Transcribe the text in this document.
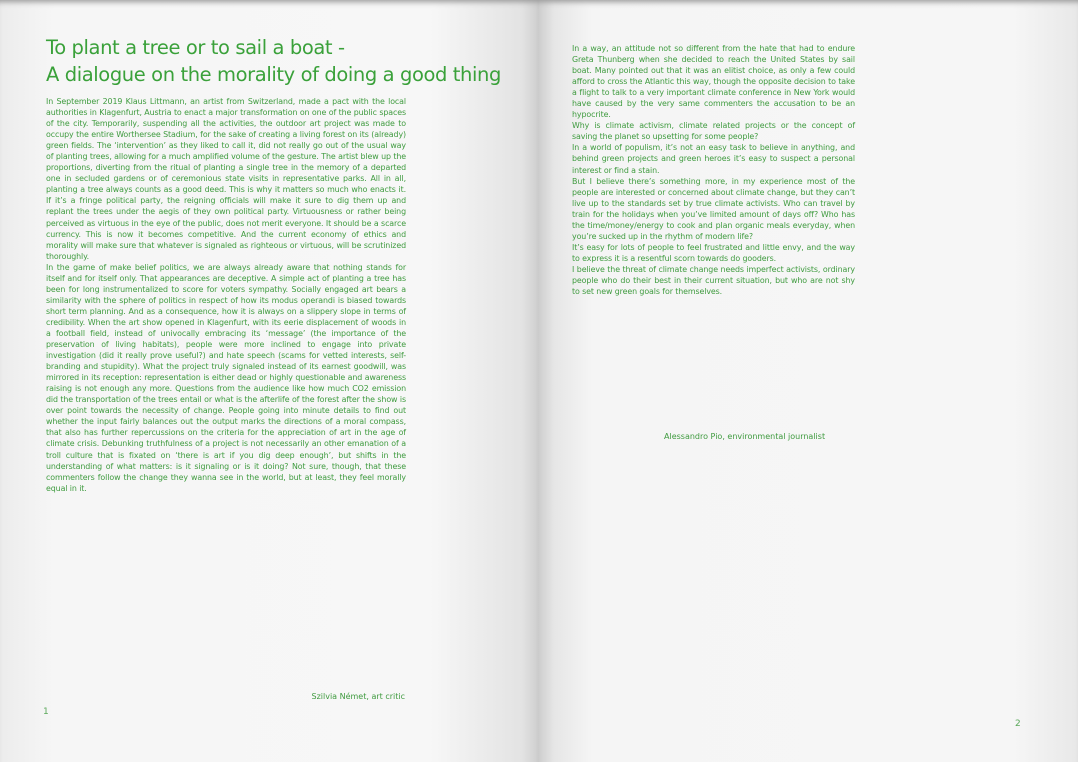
To plant a tree or to sail a boat -
A dialogue on the morality of doing a good thing

In September 2019 Klaus Littmann, an artist from Switzerland, made a pact with the local authorities in Klagenfurt, Austria to enact a major transformation on one of the public spaces of the city. Temporarily, suspending all the activities, the outdoor art project was made to occupy the entire Worthersee Stadium, for the sake of creating a living forest on its (already) green fields. The ‘intervention’ as they liked to call it, did not really go out of the usual way of planting trees, allowing for a much amplified volume of the gesture. The artist blew up the proportions, diverting from the ritual of planting a single tree in the memory of a departed one in secluded gardens or of ceremonious state visits in representative parks. All in all, planting a tree always counts as a good deed. This is why it matters so much who enacts it. If it’s a fringe political party, the reigning officials will make it sure to dig them up and replant the trees under the aegis of they own political party. Virtuousness or rather being perceived as virtuous in the eye of the public, does not merit everyone. It should be a scarce currency. This is now it becomes competitive. And the current economy of ethics and morality will make sure that whatever is signaled as righteous or virtuous, will be scrutinized thoroughly.

In the game of make belief politics, we are always already aware that nothing stands for itself and for itself only. That appearances are deceptive. A simple act of planting a tree has been for long instrumentalized to score for voters sympathy. Socially engaged art bears a similarity with the sphere of politics in respect of how its modus operandi is biased towards short term planning. And as a consequence, how it is always on a slippery slope in terms of credibility. When the art show opened in Klagenfurt, with its eerie displacement of woods in a football field, instead of univocally embracing its ‘message’ (the importance of the preservation of living habitats), people were more inclined to engage into private investigation (did it really prove useful?) and hate speech (scams for vetted interests, self-branding and stupidity). What the project truly signaled instead of its earnest goodwill, was mirrored in its reception: representation is either dead or highly questionable and awareness raising is not enough any more. Questions from the audience like how much CO2 emission did the transportation of the trees entail or what is the afterlife of the forest after the show is over point towards the necessity of change. People going into minute details to find out whether the input fairly balances out the output marks the directions of a moral compass, that also has further repercussions on the criteria for the appreciation of art in the age of climate crisis. Debunking truthfulness of a project is not necessarily an other emanation of a troll culture that is fixated on ‘there is art if you dig deep enough’, but shifts in the understanding of what matters: is it signaling or is it doing? Not sure, though, that these commenters follow the change they wanna see in the world, but at least, they feel morally equal in it.

Szilvia Német, art critic
1

In a way, an attitude not so different from the hate that had to endure Greta Thunberg when she decided to reach the United States by sail boat. Many pointed out that it was an elitist choice, as only a few could afford to cross the Atlantic this way, though the opposite decision to take a flight to talk to a very important climate conference in New York would have caused by the very same commenters the accusation to be an hypocrite.

Why is climate activism, climate related projects or the concept of saving the planet so upsetting for some people?

In a world of populism, it’s not an easy task to believe in anything, and behind green projects and green heroes it’s easy to suspect a personal interest or find a stain.

But I believe there’s something more, in my experience most of the people are interested or concerned about climate change, but they can’t live up to the standards set by true climate activists. Who can travel by train for the holidays when you’ve limited amount of days off? Who has the time/money/energy to cook and plan organic meals everyday, when you’re sucked up in the rhythm of modern life?

It’s easy for lots of people to feel frustrated and little envy, and the way to express it is a resentful scorn towards do gooders.

I believe the threat of climate change needs imperfect activists, ordinary people who do their best in their current situation, but who are not shy to set new green goals for themselves.

Alessandro Pio, environmental journalist
2
